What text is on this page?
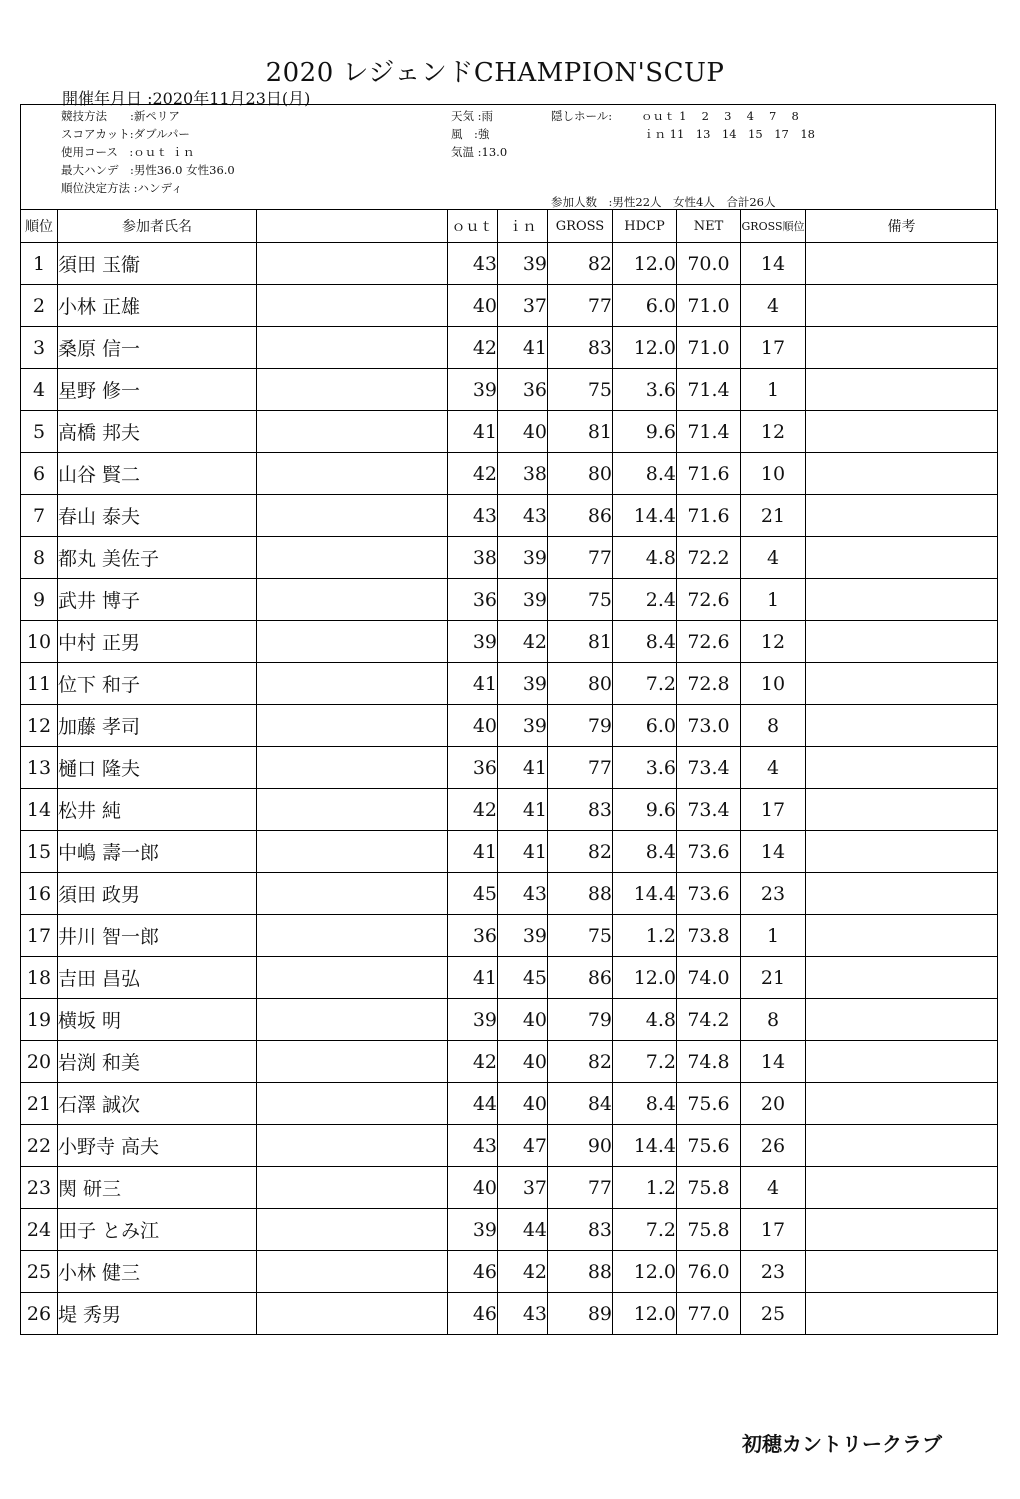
2020 レジェンドCHAMPION'SCUP
開催年月日 :2020年11月23日(月)
競技方法　　:新ペリア
スコアカット:ダブルパー
使用コース　:ｏｕｔ ｉｎ
最大ハンデ　:男性36.0 女性36.0
順位決定方法 :ハンディ
天気 :雨
風　:強
気温 :13.0
隠しホール:	ｏｕｔ 1　 2　 3　 4　 7　 8
ｉｎ 11　13　14　15　17　18
参加人数　:男性22人　女性4人　合計26人
順位	参加者氏名		ｏｕｔ	ｉｎ	GROSS	HDCP	NET	GROSS順位	備考
1	須田 玉衞		43	39	82	12.0	70.0	14	
2	小林 正雄		40	37	77	6.0	71.0	4	
3	桑原 信一		42	41	83	12.0	71.0	17	
4	星野 修一		39	36	75	3.6	71.4	1	
5	高橋 邦夫		41	40	81	9.6	71.4	12	
6	山谷 賢二		42	38	80	8.4	71.6	10	
7	春山 泰夫		43	43	86	14.4	71.6	21	
8	都丸 美佐子		38	39	77	4.8	72.2	4	
9	武井 博子		36	39	75	2.4	72.6	1	
10	中村 正男		39	42	81	8.4	72.6	12	
11	位下 和子		41	39	80	7.2	72.8	10	
12	加藤 孝司		40	39	79	6.0	73.0	8	
13	樋口 隆夫		36	41	77	3.6	73.4	4	
14	松井 純		42	41	83	9.6	73.4	17	
15	中嶋 壽一郎		41	41	82	8.4	73.6	14	
16	須田 政男		45	43	88	14.4	73.6	23	
17	井川 智一郎		36	39	75	1.2	73.8	1	
18	吉田 昌弘		41	45	86	12.0	74.0	21	
19	横坂 明		39	40	79	4.8	74.2	8	
20	岩渕 和美		42	40	82	7.2	74.8	14	
21	石澤 誠次		44	40	84	8.4	75.6	20	
22	小野寺 高夫		43	47	90	14.4	75.6	26	
23	関 研三		40	37	77	1.2	75.8	4	
24	田子 とみ江		39	44	83	7.2	75.8	17	
25	小林 健三		46	42	88	12.0	76.0	23	
26	堤 秀男		46	43	89	12.0	77.0	25	
初穂カントリークラブ
